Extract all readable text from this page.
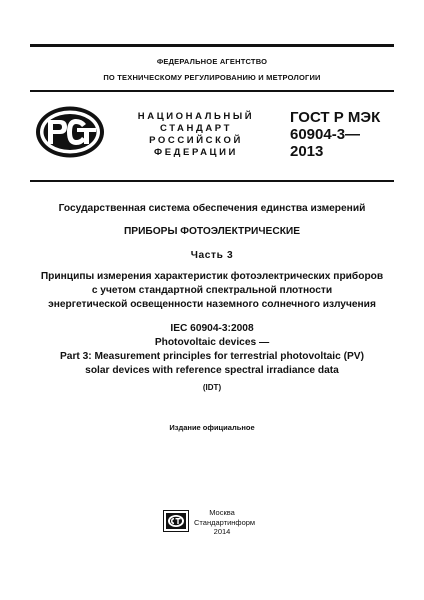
ФЕДЕРАЛЬНОЕ АГЕНТСТВО
ПО ТЕХНИЧЕСКОМУ РЕГУЛИРОВАНИЮ И МЕТРОЛОГИИ
НАЦИОНАЛЬНЫЙ
СТАНДАРТ
РОССИЙСКОЙ
ФЕДЕРАЦИИ
ГОСТ Р МЭК
60904-3—
2013
Государственная система обеспечения единства измерений
ПРИБОРЫ ФОТОЭЛЕКТРИЧЕСКИЕ
Часть 3
Принципы измерения характеристик фотоэлектрических приборов
с учетом стандартной спектральной плотности
энергетической освещенности наземного солнечного излучения
IEC 60904-3:2008
Photovoltaic devices —
Part 3: Measurement principles for terrestrial photovoltaic (PV)
solar devices with reference spectral irradiance data
(IDT)
Издание официальное
Москва
Стандартинформ
2014
